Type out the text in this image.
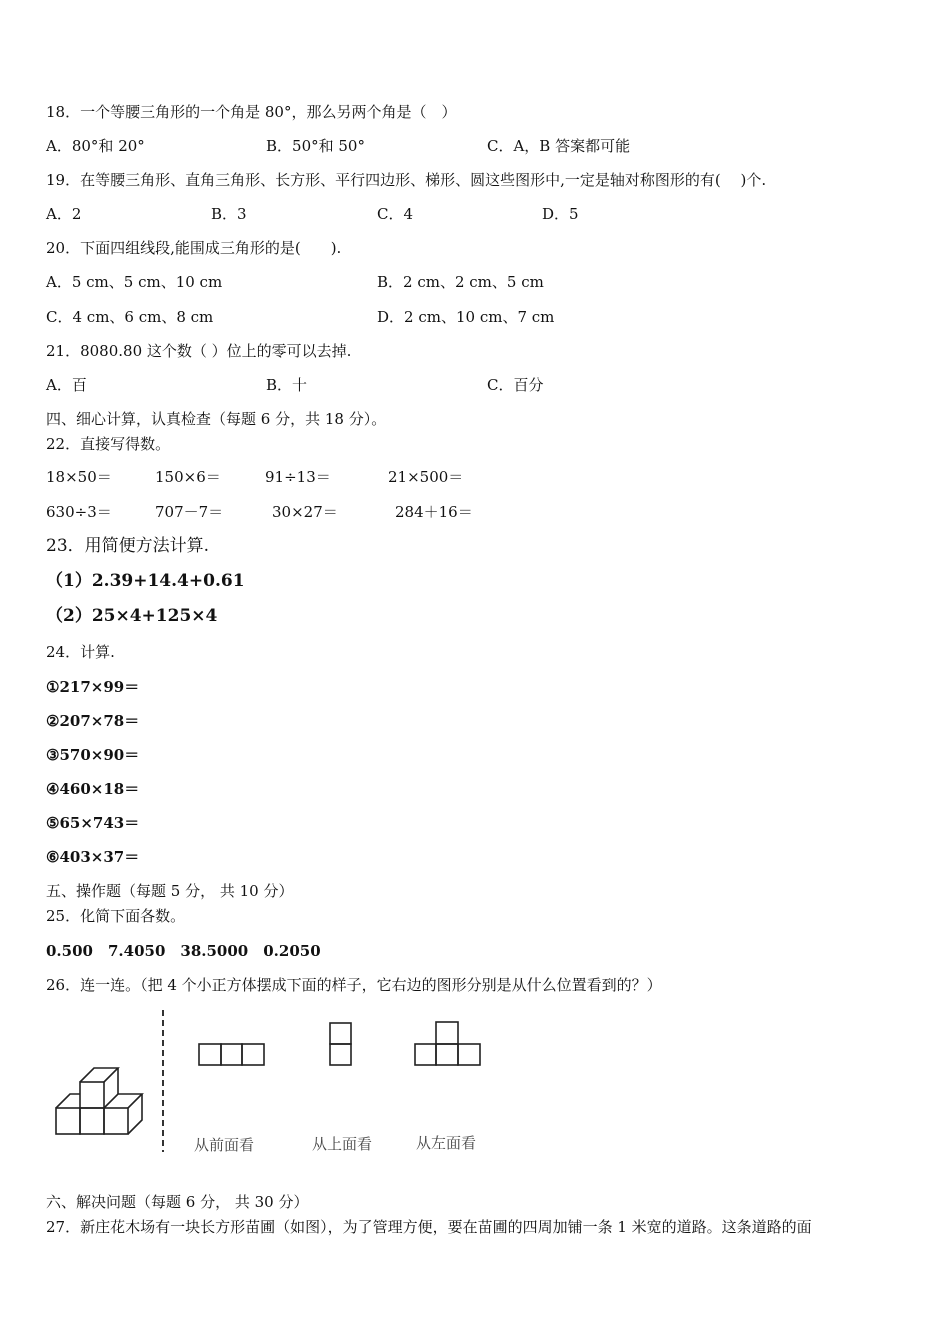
18．一个等腰三角形的一个角是 80°，那么另两个角是（　）
A．80°和 20°	B．50°和 50°	C．A，B 答案都可能
19．在等腰三角形、直角三角形、长方形、平行四边形、梯形、圆这些图形中,一定是轴对称图形的有(　 )个.
A．2	B．3	C．4	D．5
20．下面四组线段,能围成三角形的是(　　).
A．5 cm、5 cm、10 cm	B．2 cm、2 cm、5 cm
C．4 cm、6 cm、8 cm	D．2 cm、10 cm、7 cm
21．8080.80 这个数（ ）位上的零可以去掉.
A．百	B．十	C．百分
四、细心计算，认真检查（每题 6 分，共 18 分）。
22．直接写得数。
18×50＝	150×6＝	91÷13＝	21×500＝
630÷3＝	707－7＝	30×27＝	284＋16＝
23．用简便方法计算.
（1）2.39+14.4+0.61
（2）25×4+125×4
24．计算.
①217×99＝
②207×78＝
③570×90＝
④460×18＝
⑤65×743＝
⑥403×37＝
五、操作题（每题 5 分， 共 10 分）
25．化简下面各数。
0.500　7.4050　38.5000　0.2050
26．连一连。（把 4 个小正方体摆成下面的样子，它右边的图形分别是从什么位置看到的？）
从前面看	从上面看	从左面看
六、解决问题（每题 6 分， 共 30 分）
27．新庄花木场有一块长方形苗圃（如图），为了管理方便，要在苗圃的四周加铺一条 1 米宽的道路。这条道路的面
